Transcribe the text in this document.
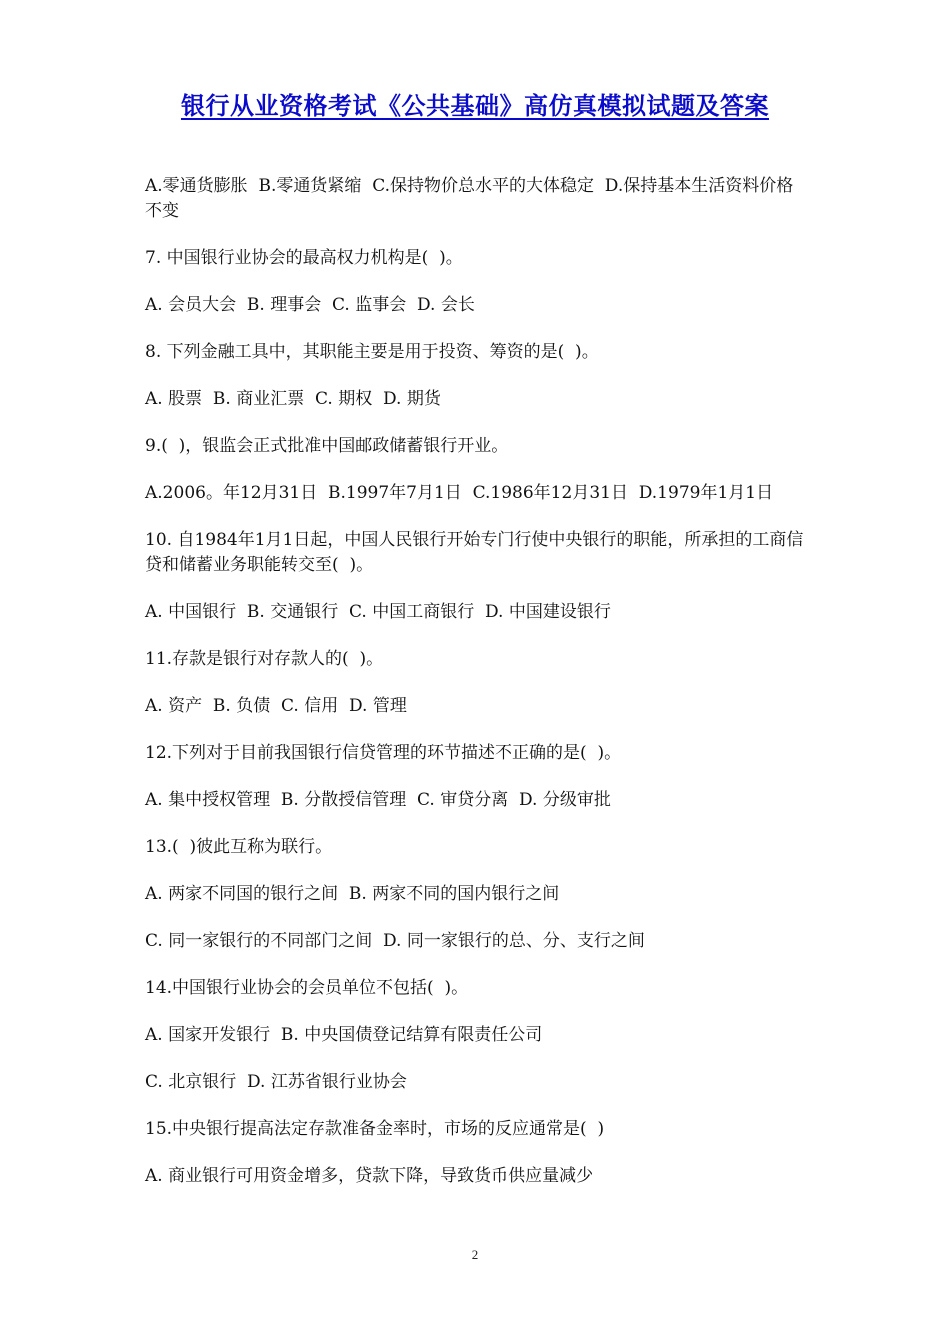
银行从业资格考试《公共基础》高仿真模拟试题及答案

A.零通货膨胀  B.零通货紧缩  C.保持物价总水平的大体稳定  D.保持基本生活资料价格不变

7. 中国银行业协会的最高权力机构是(  )。

A. 会员大会  B. 理事会  C. 监事会  D. 会长

8. 下列金融工具中，其职能主要是用于投资、筹资的是(  )。

A. 股票  B. 商业汇票  C. 期权  D. 期货

9.(  )，银监会正式批准中国邮政储蓄银行开业。

A.2006。年12月31日  B.1997年7月1日  C.1986年12月31日  D.1979年1月1日

10. 自1984年1月1日起，中国人民银行开始专门行使中央银行的职能，所承担的工商信贷和储蓄业务职能转交至(  )。

A. 中国银行  B. 交通银行  C. 中国工商银行  D. 中国建设银行

11.存款是银行对存款人的(  )。

A. 资产  B. 负债  C. 信用  D. 管理

12.下列对于目前我国银行信贷管理的环节描述不正确的是(  )。

A. 集中授权管理  B. 分散授信管理  C. 审贷分离  D. 分级审批

13.(  )彼此互称为联行。

A. 两家不同国的银行之间  B. 两家不同的国内银行之间

C. 同一家银行的不同部门之间  D. 同一家银行的总、分、支行之间

14.中国银行业协会的会员单位不包括(  )。

A. 国家开发银行  B. 中央国债登记结算有限责任公司

C. 北京银行  D. 江苏省银行业协会

15.中央银行提高法定存款准备金率时，市场的反应通常是(  )

A. 商业银行可用资金增多，贷款下降，导致货币供应量减少

2
